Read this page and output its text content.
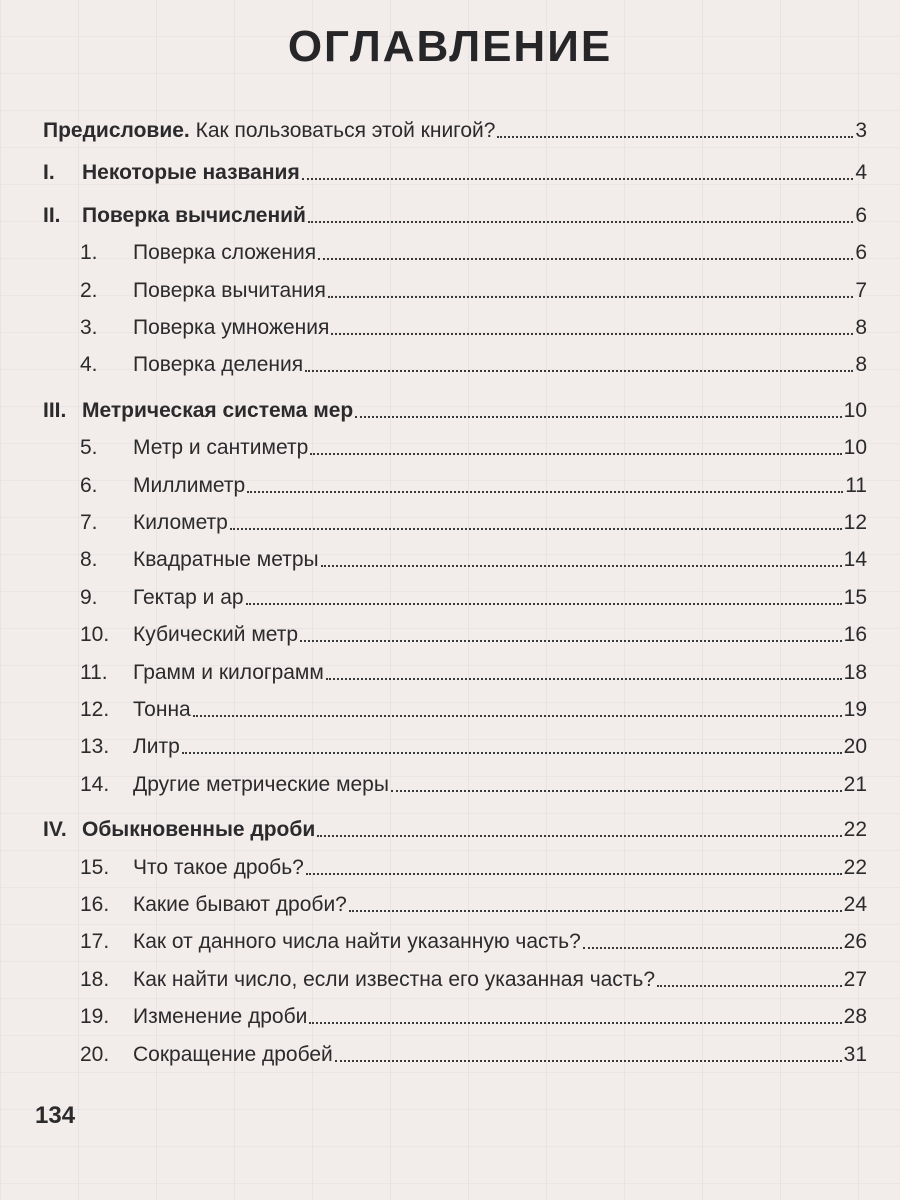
ОГЛАВЛЕНИЕ
Предисловие. Как пользоваться этой книгой?	3
I.	Некоторые названия	4
II.	Поверка вычислений	6
1.	Поверка сложения	6
2.	Поверка вычитания	7
3.	Поверка умножения	8
4.	Поверка деления	8
III. Метрическая система мер	10
5.	Метр и сантиметр	10
6.	Миллиметр	11
7.	Километр	12
8.	Квадратные метры	14
9.	Гектар и ар	15
10.	Кубический метр	16
11.	Грамм и килограмм	18
12.	Тонна	19
13.	Литр	20
14.	Другие метрические меры	21
IV. Обыкновенные дроби	22
15.	Что такое дробь?	22
16.	Какие бывают дроби?	24
17.	Как от данного числа найти указанную часть?	26
18.	Как найти число, если известна его указанная часть?	27
19.	Изменение дроби	28
20.	Сокращение дробей	31
134
